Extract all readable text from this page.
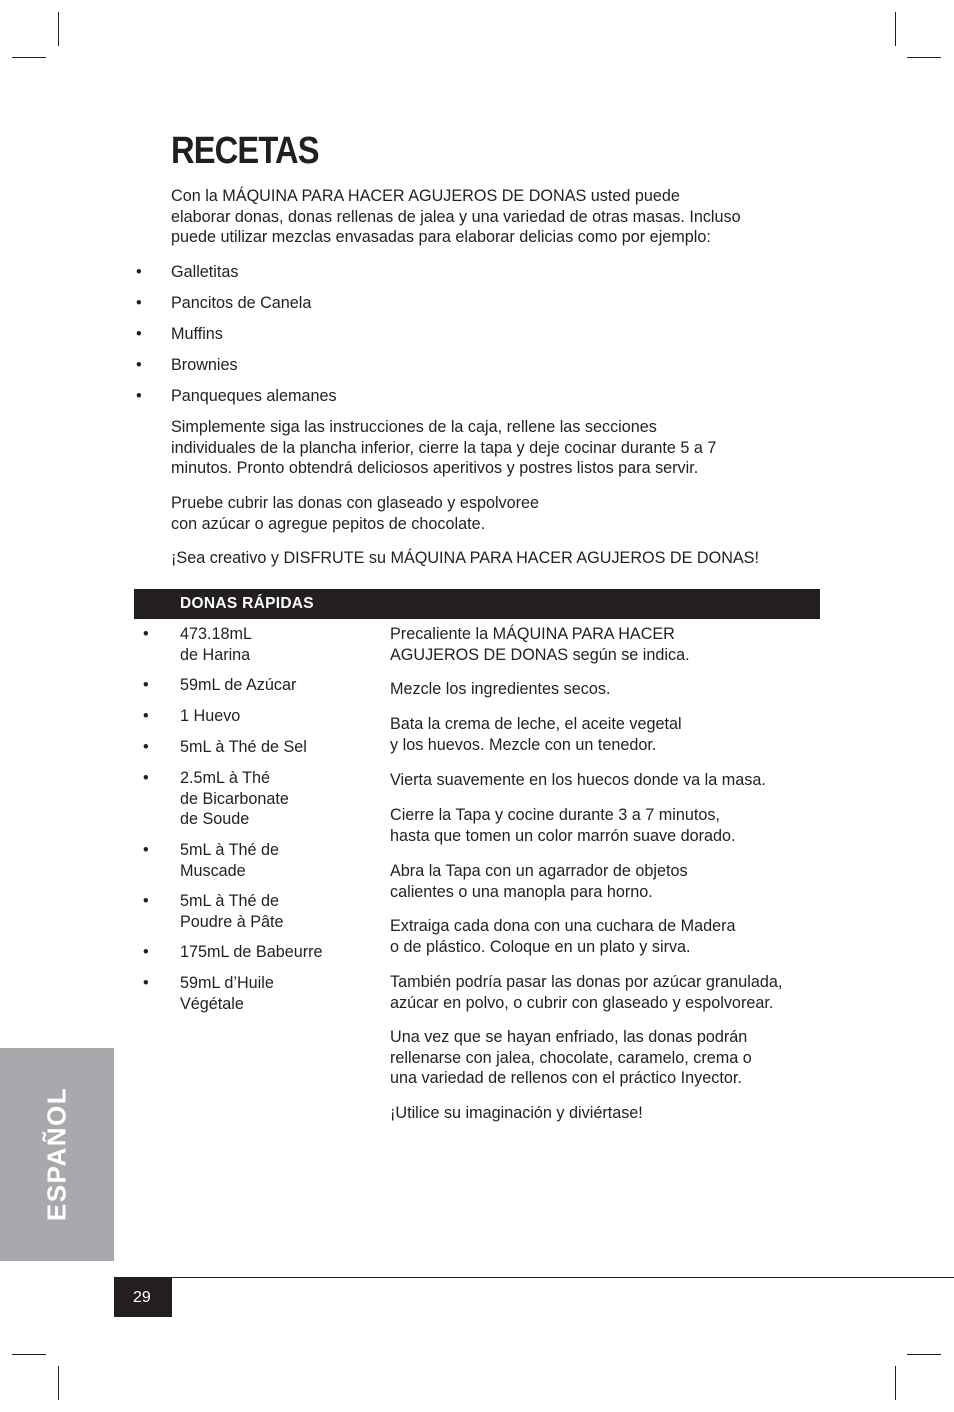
RECETAS

Con la MÁQUINA PARA HACER AGUJEROS DE DONAS usted puede
elaborar donas, donas rellenas de jalea y una variedad de otras masas. Incluso
puede utilizar mezclas envasadas para elaborar delicias como por ejemplo:

• Galletitas
• Pancitos de Canela
• Muffins
• Brownies
• Panqueques alemanes

Simplemente siga las instrucciones de la caja, rellene las secciones
individuales de la plancha inferior, cierre la tapa y deje cocinar durante 5 a 7
minutos. Pronto obtendrá deliciosos aperitivos y postres listos para servir.

Pruebe cubrir las donas con glaseado y espolvoree
con azúcar o agregue pepitos de chocolate.

¡Sea creativo y DISFRUTE su MÁQUINA PARA HACER AGUJEROS DE DONAS!

DONAS RÁPIDAS
• 473.18mL
de Harina
• 59mL de Azúcar
• 1 Huevo
• 5mL à Thé de Sel
• 2.5mL à Thé
de Bicarbonate
de Soude
• 5mL à Thé de
Muscade
• 5mL à Thé de
Poudre à Pâte
• 175mL de Babeurre
• 59mL d’Huile
Végétale

Precaliente la MÁQUINA PARA HACER
AGUJEROS DE DONAS según se indica.

Mezcle los ingredientes secos.

Bata la crema de leche, el aceite vegetal
y los huevos. Mezcle con un tenedor.

Vierta suavemente en los huecos donde va la masa.

Cierre la Tapa y cocine durante 3 a 7 minutos,
hasta que tomen un color marrón suave dorado.

Abra la Tapa con un agarrador de objetos
calientes o una manopla para horno.

Extraiga cada dona con una cuchara de Madera
o de plástico. Coloque en un plato y sirva.

También podría pasar las donas por azúcar granulada,
azúcar en polvo, o cubrir con glaseado y espolvorear.

Una vez que se hayan enfriado, las donas podrán
rellenarse con jalea, chocolate, caramelo, crema o
una variedad de rellenos con el práctico Inyector.

¡Utilice su imaginación y diviértase!

ESPAÑOL
29
